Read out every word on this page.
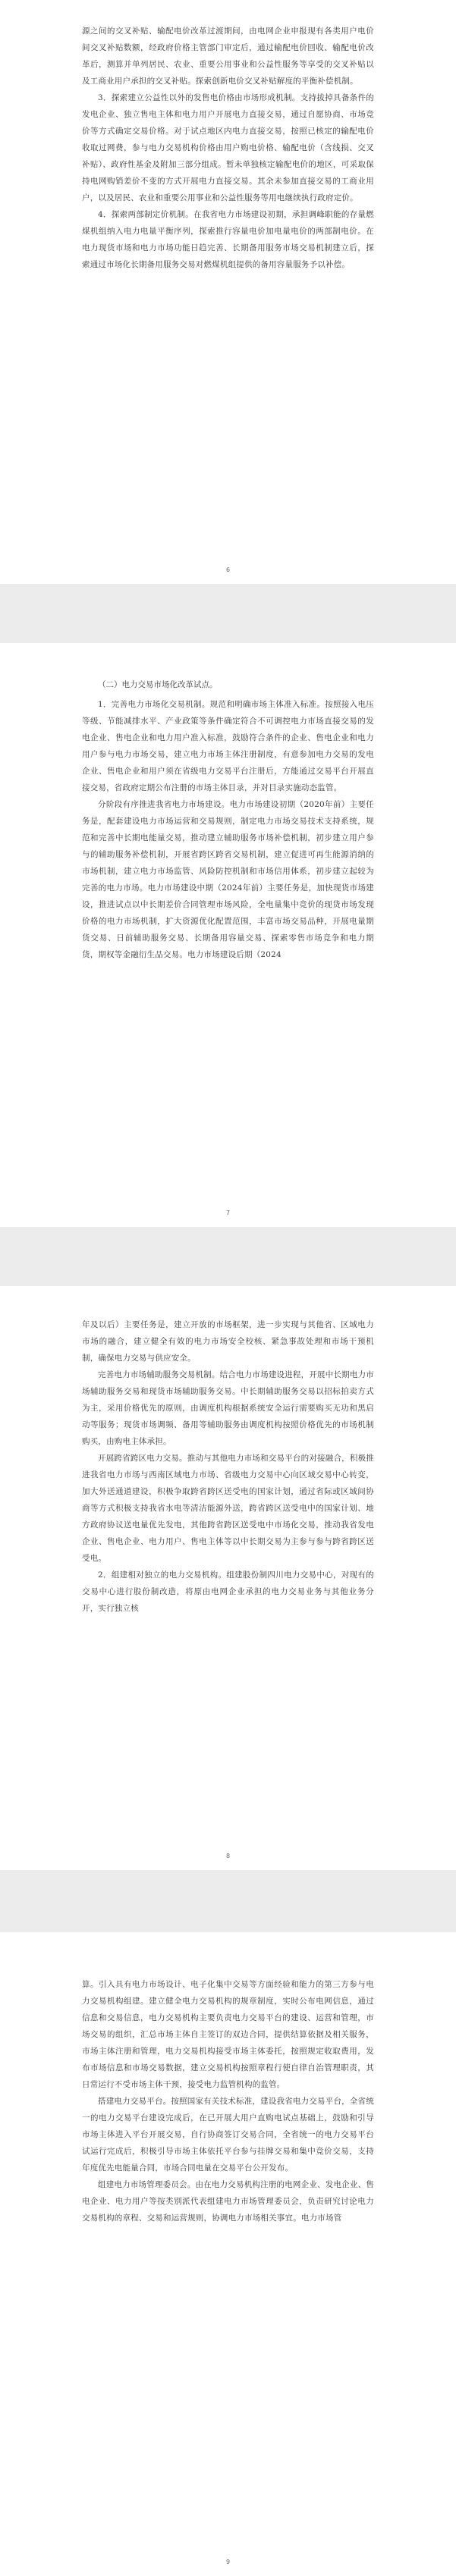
源之间的交叉补贴、输配电价改革过渡期间，由电网企业申报现有各类用户电价间交叉补贴数额，经政府价格主管部门审定后，通过输配电价回收、输配电价改革后，测算并单列居民、农业、重要公用事业和公益性服务等享受的交叉补贴以及工商业用户承担的交叉补贴。探索创新电价交叉补贴解度的平衡补偿机制。

3．探索建立公益性以外的发售电价格由市场形成机制。支持拔掉具备条件的发电企业、独立售电主体和电力用户开展电力直接交易，通过自愿协商、市场竞价等方式确定交易价格。对于试点地区内电力直接交易，按照已核定的输配电价收取过网费，参与电力交易机构价格由用户购电价格、输配电价（含线损、交叉补贴）、政府性基金及附加三部分组成。暂未单独核定输配电价的地区，可采取保持电网购销差价不变的方式开展电力直接交易。其余未参加直接交易的工商业用户，以及居民、农业和重要公用事业和公益性服务等用电继续执行政府定价。

4．探索两部制定价机制。在我省电力市场建设初期，承担调峰职能的存量燃煤机组纳入电力电量平衡序列，探索推行容量电价加电量电价的两部制电价。在电力现货市场和电力市场功能日趋完善、长期备用服务市场交易机制建立后，探索通过市场化长期备用服务交易对燃煤机组提供的备用容量服务予以补偿。

6

（二）电力交易市场化改革试点。

1．完善电力市场化交易机制。规范和明确市场主体准入标准。按照接入电压等级、节能减排水平、产业政策等条件确定符合不可调控电力市场直接交易的发电企业、售电企业和电力用户准入标准，鼓励符合条件的企业、售电企业和电力用户参与电力市场交易，建立电力市场主体注册制度，有意参加电力交易的发电企业、售电企业和用户须在省级电力交易平台注册后，方能通过交易平台开展直接交易，省政府定期公布注册的市场主体目录，并对目录实施动态监管。

分阶段有序推进我省电力市场建设。电力市场建设初期（2020年前）主要任务是，配套建设电力市场运营和交易规则，制定电力市场交易技术支持系统，规范和完善中长期电能量交易，推动建立辅助服务市场补偿机制，初步建立用户参与的辅助服务补偿机制，开展省跨区跨省交易机制，建立促进可再生能源消纳的市场机制，建立电力市场监管、风险防控机制和市场信用体系，初步建立起较为完善的电力市场。电力市场建设中期（2024年前）主要任务是，加快现货市场建设，推进试点以中长期差价合同管理市场风险，全电量集中竞价的现货市场发现价格的电力市场机制，扩大资源优化配置范围，丰富市场交易品种，开展电量期货交易、日前辅助服务交易、长期备用容量交易、探索零售市场竞争和电力期货，期权等金融衍生品交易。电力市场建设后期（2024

7

年及以后）主要任务是，建立开放的市场框架，进一步实现与其他省、区域电力市场的融合，建立健全有效的电力市场安全校核、紧急事故处理和市场干预机制，确保电力交易与供应安全。

完善电力市场辅助服务交易机制。结合电力市场建设进程，开展中长期电力市场辅助服务交易和现货市场辅助服务交易。中长期辅助服务交易以招标拍卖方式为主，采用价格优先的原则，由调度机构根据系统安全运行需要购买无功和黑启动等服务；现货市场调频、备用等辅助服务由调度机构按照价格优先的市场机制购买，由购电主体承担。

开展跨省跨区电力交易。推动与其他电力市场和交易平台的对接融合，积极推进我省电力市场与西南区域电力市场、省级电力交易中心向区域交易中心转变，加大外送通道建设，积极争取跨省跨区送受电的国家计划，通过省际或区域间协商等方式积极支持我省水电等清洁能源外送，跨省跨区送受电中的国家计划、地方政府协议送电量优先发电，其他跨省跨区送受电中市场化交易，推动我省发电企业、售电企业、电力用户、售电主体等以中长期交易为主参与参与跨省跨区送受电。

2．组建相对独立的电力交易机构。组建股份制四川电力交易中心，对现有的交易中心进行股份制改造，将原由电网企业承担的电力交易业务与其他业务分开，实行独立核

8

算。引入具有电力市场设计、电子化集中交易等方面经验和能力的第三方参与电力交易机构组建。建立健全电力交易机构的规章制度，实时公布电网信息，通过信息和交易信息，电力交易机构主要负责电力交易平台的建设、运营和管理，市场交易的组织，汇总市场主体自主签订的双边合同，提供结算依据及相关服务，市场主体注册和管理，电力交易机构接受市场主体委托，按照规定收取费用，发布市场信息和市场交易数据，建立交易机构按照章程行使自律自治管理职责，其日常运行不受市场主体干预，接受电力监管机构的监管。

搭建电力交易平台。按照国家有关技术标准，建设我省电力交易平台，全省统一的电力交易平台建设完成后，在已开展大用户直购电试点基础上，鼓励和引导市场主体进入平台开展交易，自行协商签订交易合同，全省统一的电力交易平台试运行完成后，积极引导市场主体依托平台参与挂牌交易和集中竞价交易，支持年度优先电能量合同，市场合同电量在交易平台公开发布。

组建电力市场管理委员会。由在电力交易机构注册的电网企业、发电企业、售电企业、电力用户等按类别派代表组建电力市场管理委员会，负责研究讨论电力交易机构的章程、交易和运营规则，协调电力市场相关事宜。电力市场管

9
